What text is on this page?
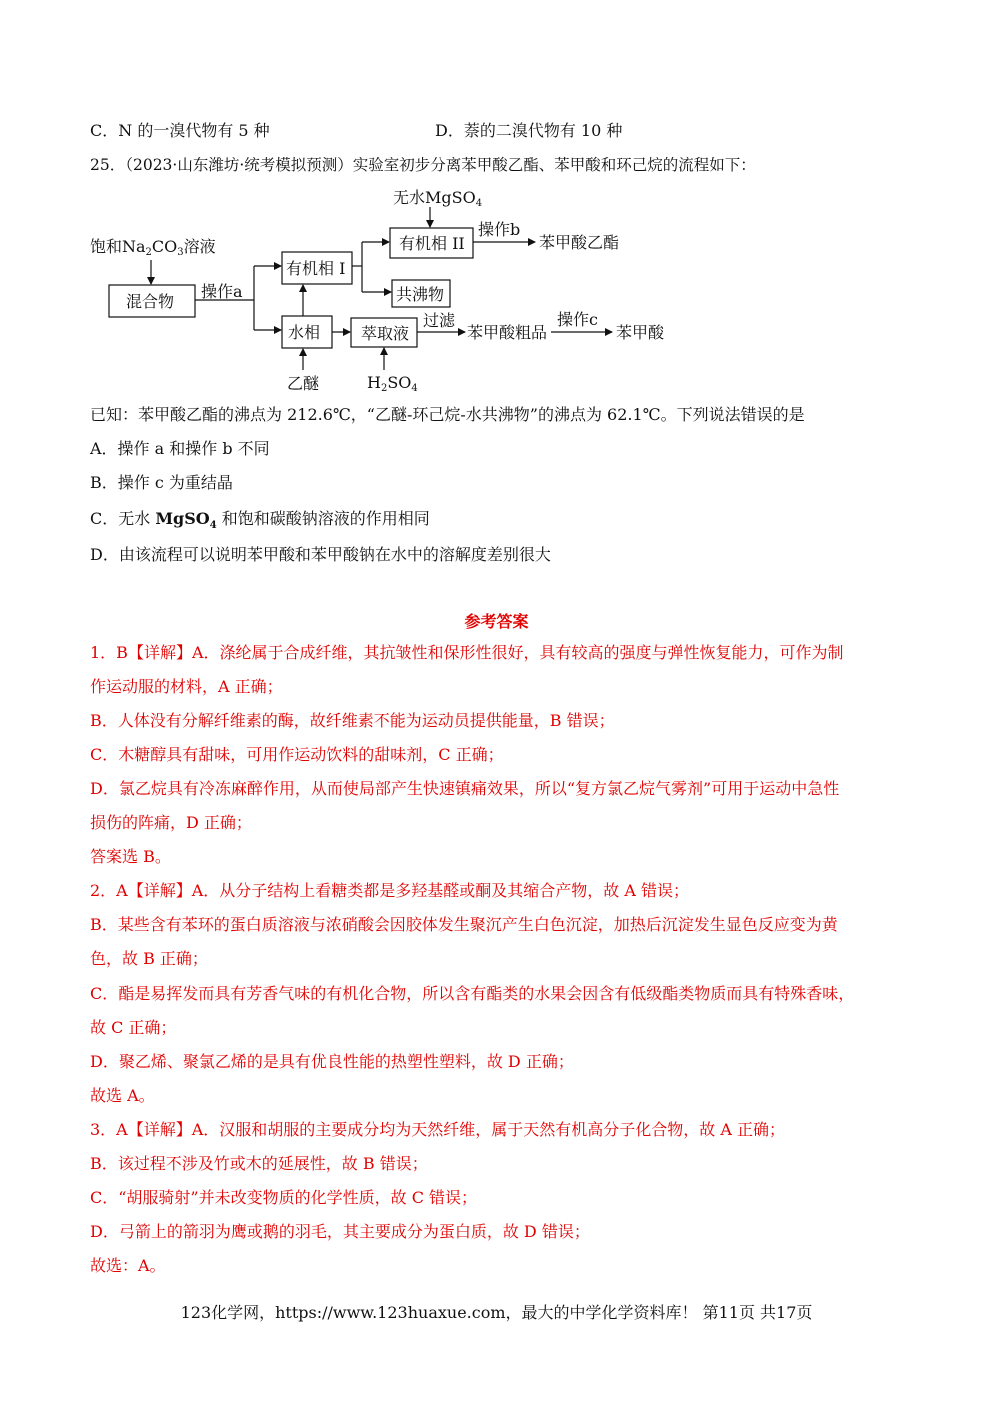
C．N 的一溴代物有 5 种	D．萘的二溴代物有 10 种
25．（2023·山东潍坊·统考模拟预测）实验室初步分离苯甲酸乙酯、苯甲酸和环己烷的流程如下：
无水MgSO4
饱和Na2CO3溶液
混合物
操作a
有机相 I
有机相 II
操作b
苯甲酸乙酯
共沸物
水相	萃取液
过滤
苯甲酸粗品
操作c
苯甲酸
乙醚	H2SO4
已知：苯甲酸乙酯的沸点为 212.6℃，“乙醚-环己烷-水共沸物”的沸点为 62.1℃。下列说法错误的是
A．操作 a 和操作 b 不同
B．操作 c 为重结晶
C．无水 MgSO$_4$ 和饱和碳酸钠溶液的作用相同
D．由该流程可以说明苯甲酸和苯甲酸钠在水中的溶解度差别很大
参考答案
1．B【详解】A．涤纶属于合成纤维，其抗皱性和保形性很好，具有较高的强度与弹性恢复能力，可作为制
作运动服的材料，A 正确；
B．人体没有分解纤维素的酶，故纤维素不能为运动员提供能量，B 错误；
C．木糖醇具有甜味，可用作运动饮料的甜味剂，C 正确；
D．氯乙烷具有冷冻麻醉作用，从而使局部产生快速镇痛效果，所以“复方氯乙烷气雾剂”可用于运动中急性
损伤的阵痛，D 正确；
答案选 B。
2．A【详解】A．从分子结构上看糖类都是多羟基醛或酮及其缩合产物，故 A 错误；
B．某些含有苯环的蛋白质溶液与浓硝酸会因胶体发生聚沉产生白色沉淀，加热后沉淀发生显色反应变为黄
色，故 B 正确；
C．酯是易挥发而具有芳香气味的有机化合物，所以含有酯类的水果会因含有低级酯类物质而具有特殊香味，
故 C 正确；
D．聚乙烯、聚氯乙烯的是具有优良性能的热塑性塑料，故 D 正确；
故选 A。
3．A【详解】A．汉服和胡服的主要成分均为天然纤维，属于天然有机高分子化合物，故 A 正确；
B．该过程不涉及竹或木的延展性，故 B 错误；
C．“胡服骑射”并未改变物质的化学性质，故 C 错误；
D．弓箭上的箭羽为鹰或鹅的羽毛，其主要成分为蛋白质，故 D 错误；
故选：A。
123化学网，https://www.123huaxue.com，最大的中学化学资料库！ 第11页 共17页
